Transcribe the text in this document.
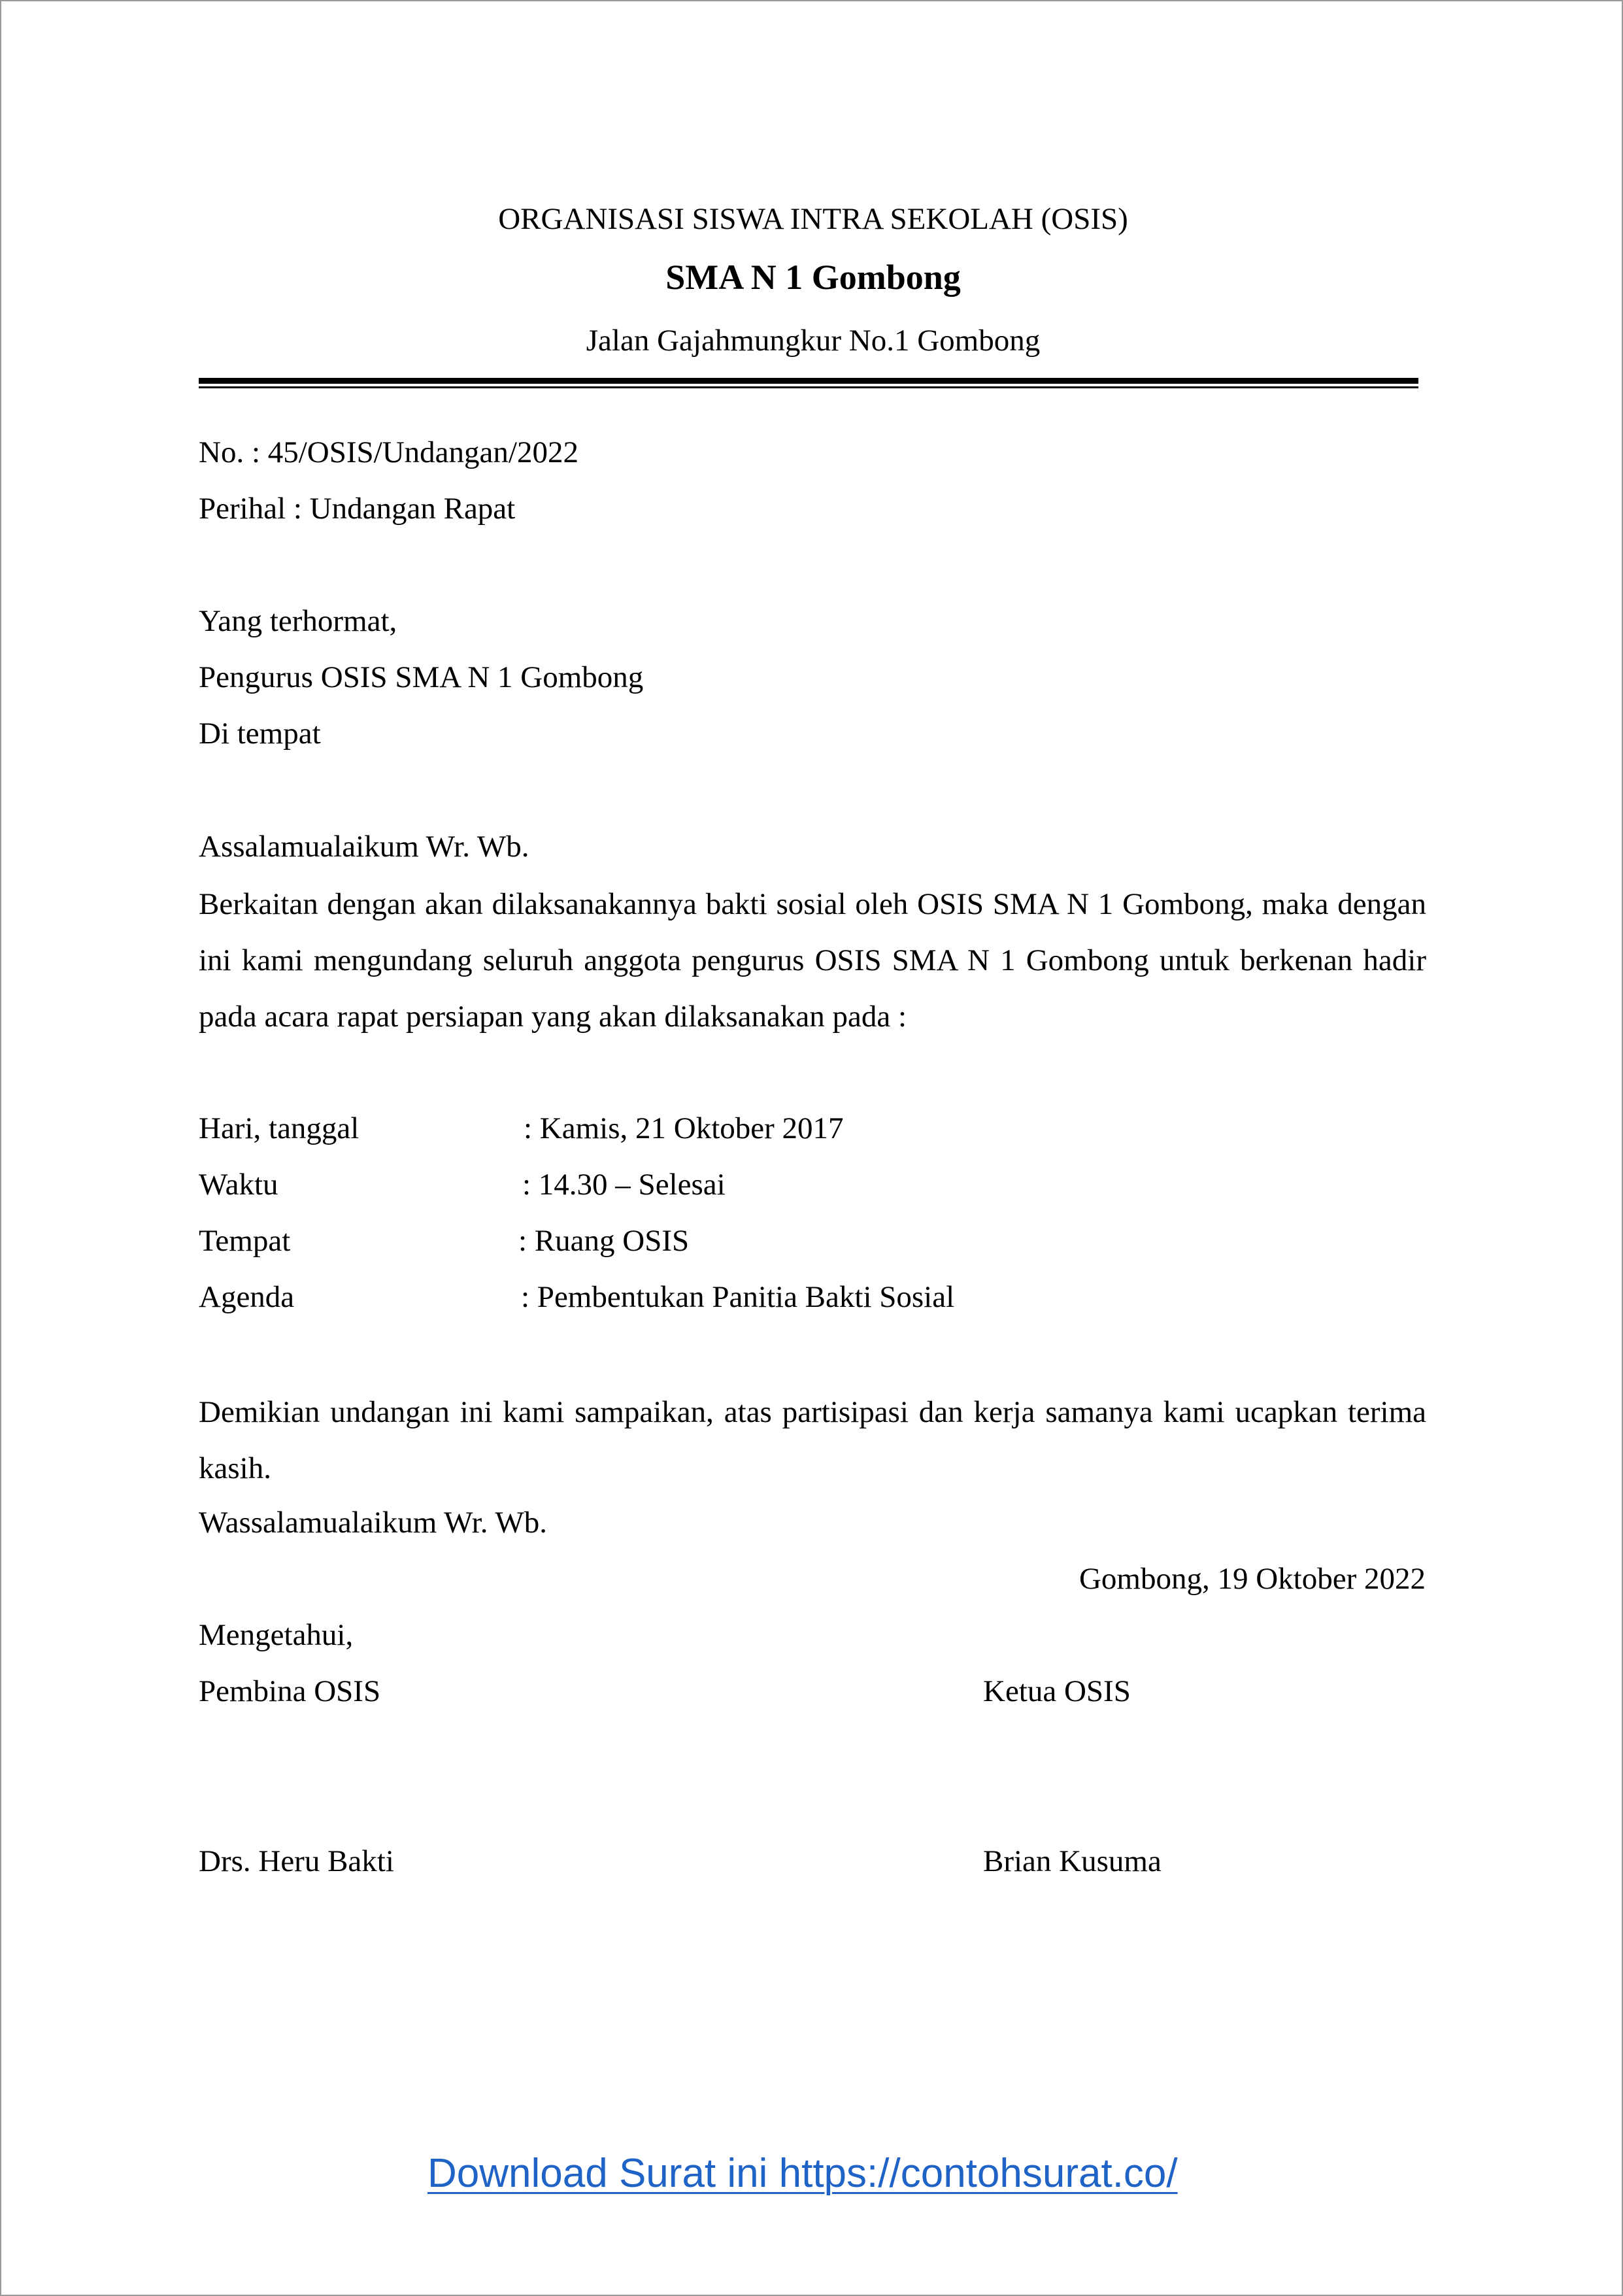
ORGANISASI SISWA INTRA SEKOLAH (OSIS)
SMA N 1 Gombong
Jalan Gajahmungkur No.1 Gombong
No. : 45/OSIS/Undangan/2022
Perihal : Undangan Rapat
Yang terhormat,
Pengurus OSIS SMA N 1 Gombong
Di tempat
Assalamualaikum Wr. Wb.
Berkaitan dengan akan dilaksanakannya bakti sosial oleh OSIS SMA N 1 Gombong, maka dengan ini kami mengundang seluruh anggota pengurus OSIS SMA N 1 Gombong untuk berkenan hadir pada acara rapat persiapan yang akan dilaksanakan pada :
Hari, tanggal	: Kamis, 21 Oktober 2017
Waktu	: 14.30 – Selesai
Tempat	: Ruang OSIS
Agenda	: Pembentukan Panitia Bakti Sosial
Demikian undangan ini kami sampaikan, atas partisipasi dan kerja samanya kami ucapkan terima kasih.
Wassalamualaikum Wr. Wb.
Gombong, 19 Oktober 2022
Mengetahui,
Pembina OSIS	Ketua OSIS
Drs. Heru Bakti	Brian Kusuma
Download Surat ini https://contohsurat.co/
